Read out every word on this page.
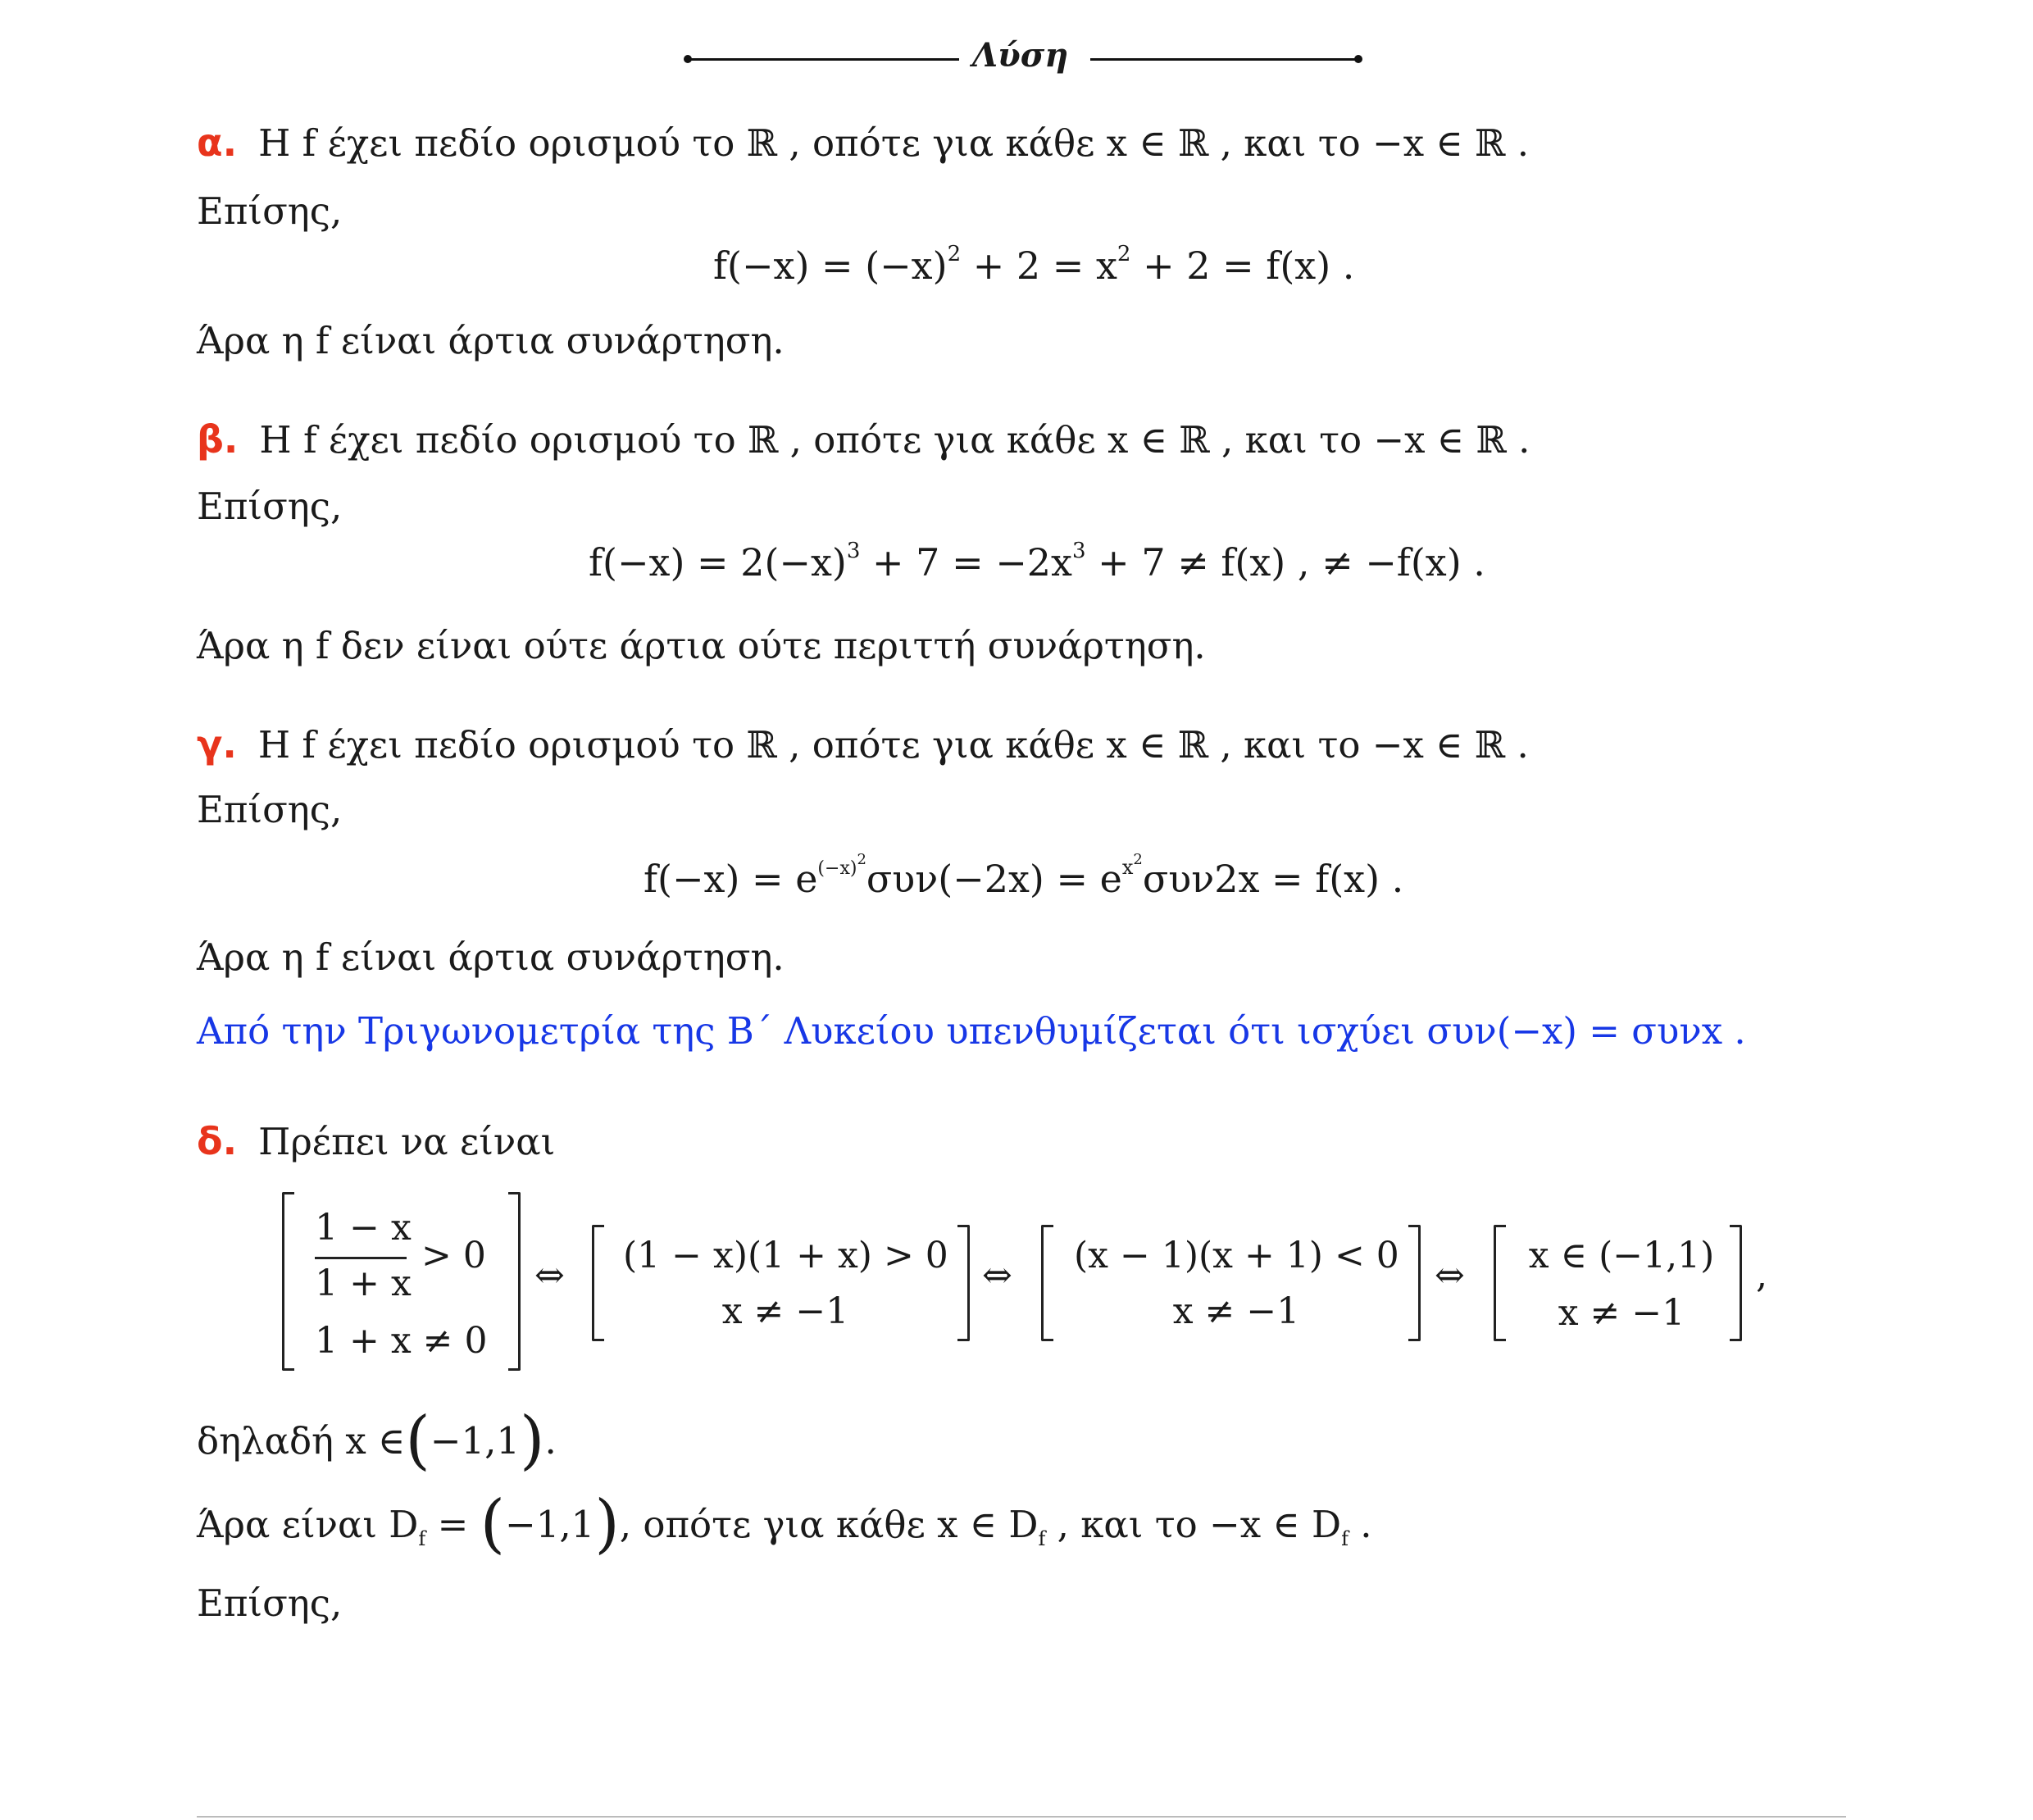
Λύση
α. Η f έχει πεδίο ορισμού το ℝ , οπότε για κάθε x ∈ ℝ , και το −x ∈ ℝ .
Επίσης,
$f(-x) = (-x)^2 + 2 = x^2 + 2 = f(x)$ .
Άρα η f είναι άρτια συνάρτηση.
β. Η f έχει πεδίο ορισμού το ℝ , οπότε για κάθε x ∈ ℝ , και το −x ∈ ℝ .
Επίσης,
$f(-x) = 2(-x)^3 + 7 = -2x^3 + 7 \ne f(x)$ , ≠ −f(x) .
Άρα η f δεν είναι ούτε άρτια ούτε περιττή συνάρτηση.
γ. Η f έχει πεδίο ορισμού το ℝ , οπότε για κάθε x ∈ ℝ , και το −x ∈ ℝ .
Επίσης,
$f(-x) = e^{(-x)^2}\sigma\upsilon\nu(-2x) = e^{x^2}\sigma\upsilon\nu 2x = f(x)$ .
Άρα η f είναι άρτια συνάρτηση.
Από την Τριγωνομετρία της Β΄ Λυκείου υπενθυμίζεται ότι ισχύει συν(−x) = συνx .
δ. Πρέπει να είναι
1 − x
1 + x
> 0
1 + x ≠ 0
⇔ (1 − x)(1 + x) > 0
x ≠ −1
⇔ (x − 1)(x + 1) < 0
x ≠ −1
⇔ x ∈ (−1,1)
x ≠ −1
,
δηλαδή x ∈(−1,1).
Άρα είναι $D_f = (-1,1)$, οπότε για κάθε x ∈ $D_f$ , και το −x ∈ $D_f$ .
Επίσης,
